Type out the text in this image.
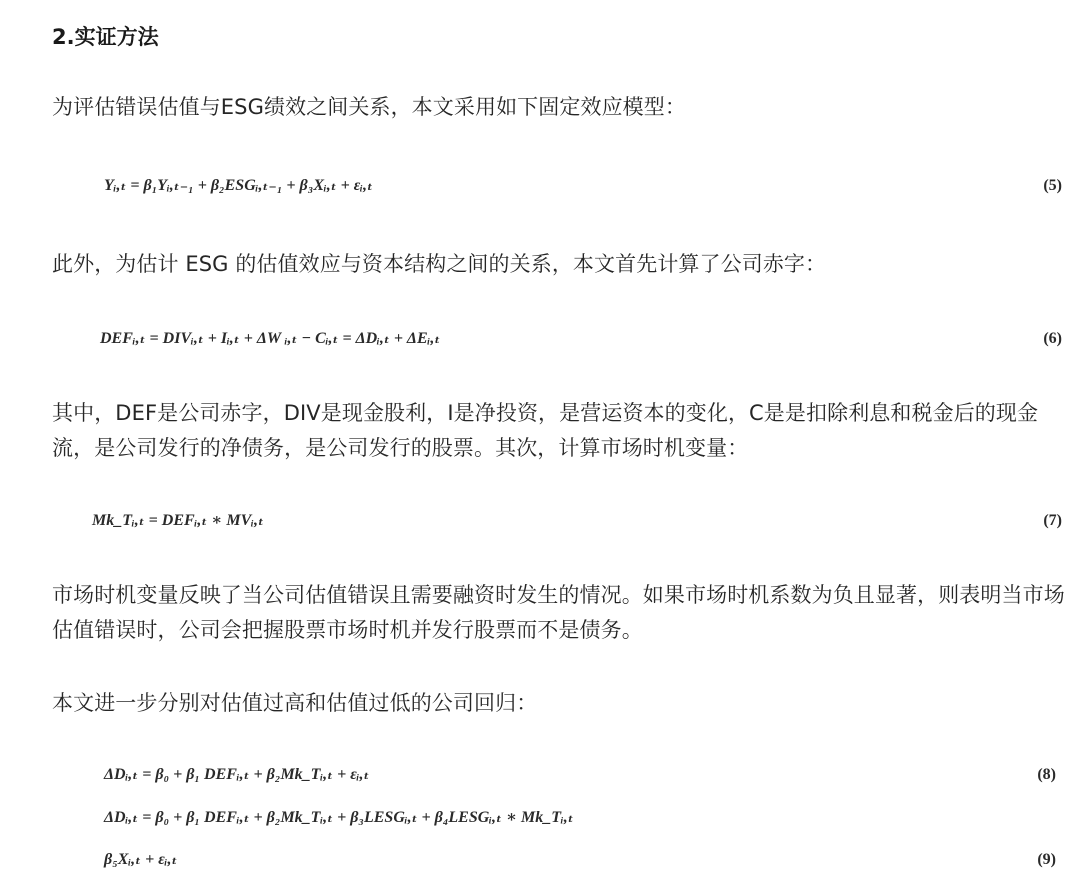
2.实证方法
为评估错误估值与ESG绩效之间关系，本文采用如下固定效应模型：
Yᵢ,ₜ = β₁Yᵢ,ₜ₋₁ + β₂ESGᵢ,ₜ₋₁ + β₃Xᵢ,ₜ + εᵢ,ₜ	(5)
此外，为估计 ESG 的估值效应与资本结构之间的关系，本文首先计算了公司赤字：
DEFᵢ,ₜ = DIVᵢ,ₜ + Iᵢ,ₜ + ΔW ᵢ,ₜ − Cᵢ,ₜ = ΔDᵢ,ₜ + ΔEᵢ,ₜ	(6)
其中，DEF是公司赤字，DIV是现金股利，I是净投资，是营运资本的变化，C是是扣除利息和税金后的现金流，是公司发行的净债务，是公司发行的股票。其次，计算市场时机变量：
Mk_Tᵢ,ₜ = DEFᵢ,ₜ ∗ MVᵢ,ₜ	(7)
市场时机变量反映了当公司估值错误且需要融资时发生的情况。如果市场时机系数为负且显著，则表明当市场估值错误时，公司会把握股票市场时机并发行股票而不是债务。
本文进一步分别对估值过高和估值过低的公司回归：
ΔDᵢ,ₜ = β₀ + β₁ DEFᵢ,ₜ + β₂Mk_Tᵢ,ₜ + εᵢ,ₜ	(8)
ΔDᵢ,ₜ = β₀ + β₁ DEFᵢ,ₜ + β₂Mk_Tᵢ,ₜ + β₃LESGᵢ,ₜ + β₄LESGᵢ,ₜ ∗ Mk_Tᵢ,ₜ
β₅Xᵢ,ₜ + εᵢ,ₜ	(9)
